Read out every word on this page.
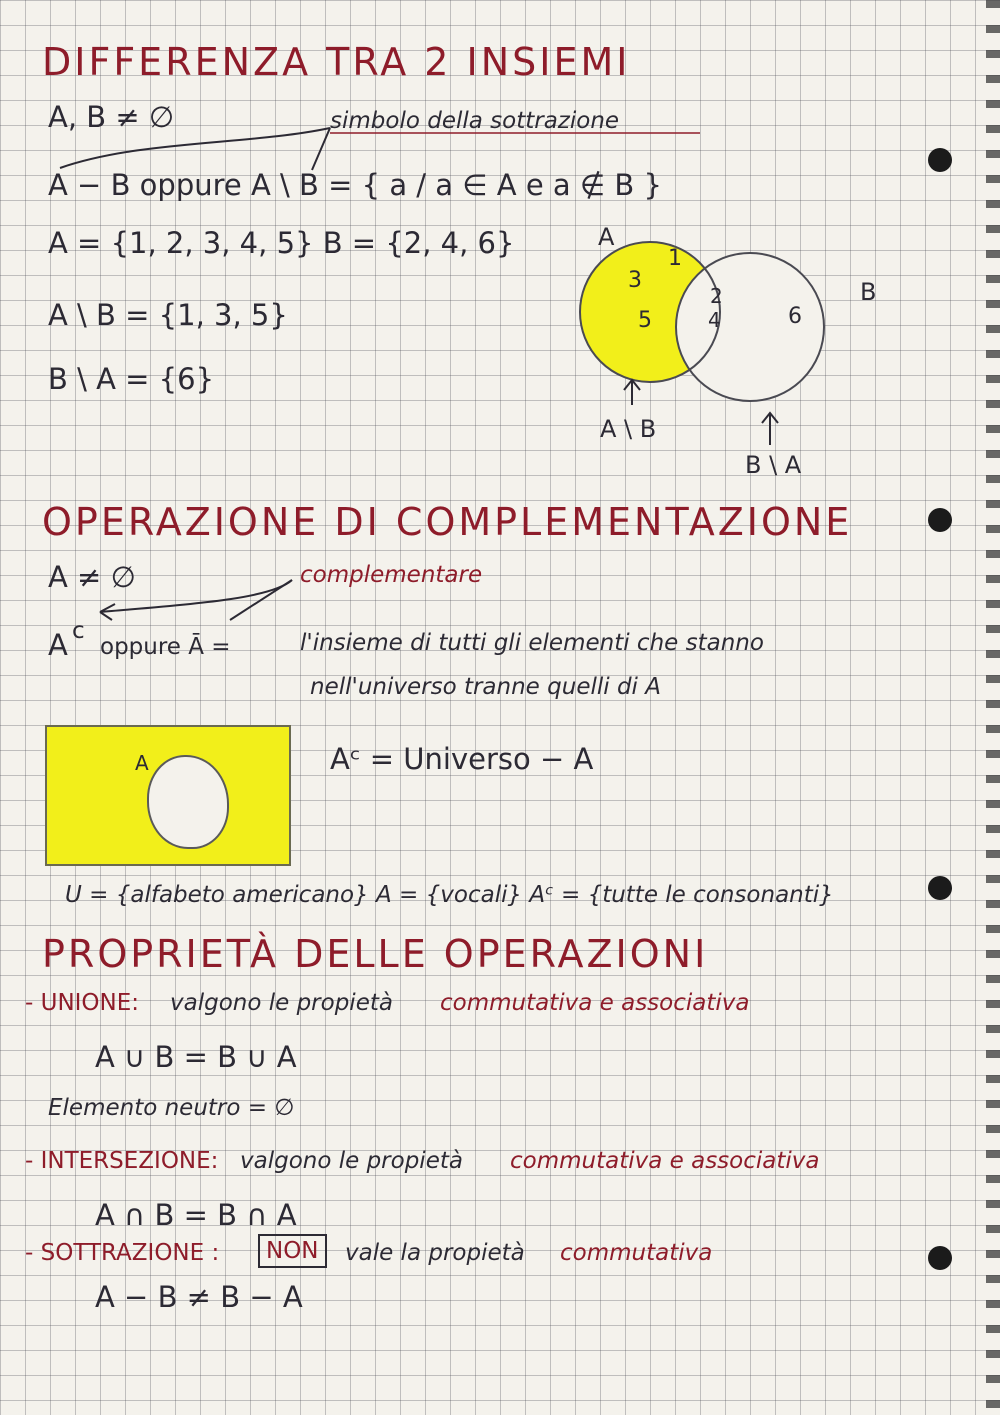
DIFFERENZA TRA 2 INSIEMI
A, B ≠ ∅	simbolo della sottrazione
A − B oppure A \ B = { a / a ∈ A e a ∉ B }
A = {1, 2, 3, 4, 5} B = {2, 4, 6}
A \ B = {1, 3, 5}
B \ A = {6}
A
B
1
3
5
2
4	6
A \ B
B \ A
OPERAZIONE DI COMPLEMENTAZIONE
A ≠ ∅	complementare
A c
oppure Ā =	l'insieme di tutti gli elementi che stanno
nell'universo tranne quelli di A
A	Aᶜ = Universo − A
U = {alfabeto americano} A = {vocali} Aᶜ = {tutte le consonanti}
PROPRIETÀ DELLE OPERAZIONI
- UNIONE: valgono le propietà commutativa e associativa
A ∪ B = B ∪ A
Elemento neutro = ∅
- INTERSEZIONE: valgono le propietà commutativa e associativa
A ∩ B = B ∩ A
- SOTTRAZIONE :	NON	vale la propietà commutativa
A − B ≠ B − A
